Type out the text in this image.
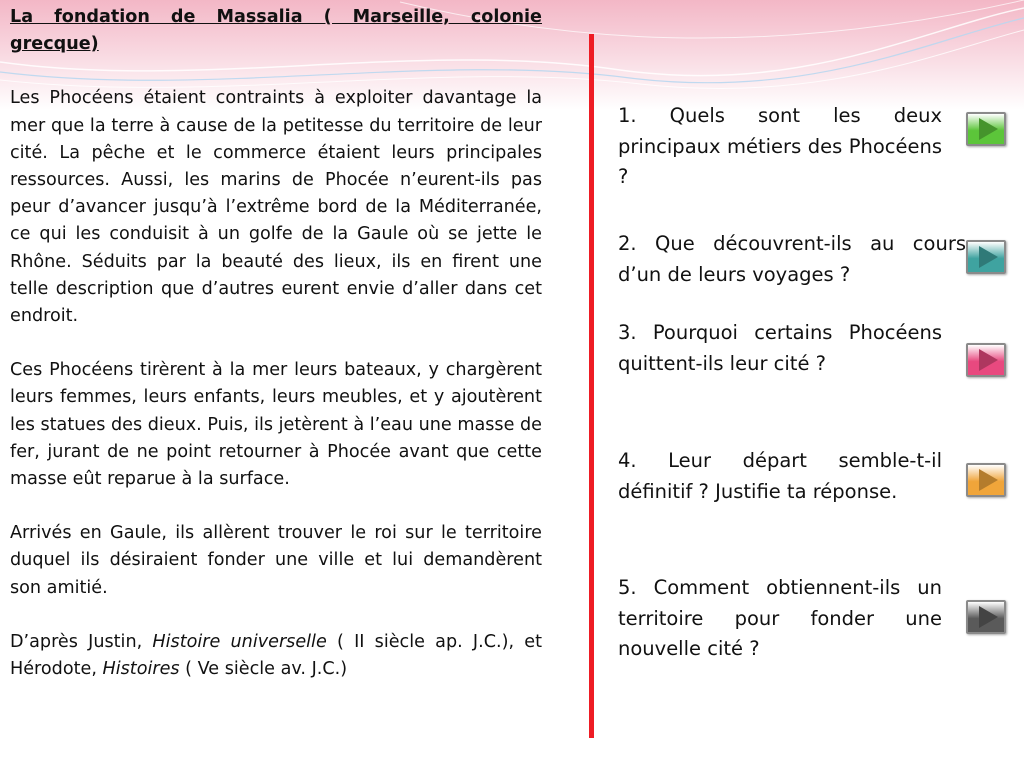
La fondation de Massalia ( Marseille, colonie grecque)

Les Phocéens étaient contraints à exploiter davantage la mer que la terre à cause de la petitesse du territoire de leur cité. La pêche et le commerce étaient leurs principales ressources. Aussi, les marins de Phocée n’eurent-ils pas peur d’avancer jusqu’à l’extrême bord de la Méditerranée, ce qui les conduisit à un golfe de la Gaule où se jette le Rhône. Séduits par la beauté des lieux, ils en firent une telle description que d’autres eurent envie d’aller dans cet endroit.

Ces Phocéens tirèrent à la mer leurs bateaux, y chargèrent leurs femmes, leurs enfants, leurs meubles, et y ajoutèrent les statues des dieux. Puis, ils jetèrent à l’eau une masse de fer, jurant de ne point retourner à Phocée avant que cette masse eût reparue à la surface.

Arrivés en Gaule, ils allèrent trouver le roi sur le territoire duquel ils désiraient fonder une ville et lui demandèrent son amitié.

D’après Justin, Histoire universelle ( II siècle ap. J.C.), et Hérodote, Histoires ( Ve siècle av. J.C.)

1. Quels sont les deux principaux métiers des Phocéens ?
2. Que découvrent-ils au cours d’un de leurs voyages ?
3. Pourquoi certains Phocéens quittent-ils leur cité ?
4. Leur départ semble-t-il définitif ? Justifie ta réponse.
5. Comment obtiennent-ils un territoire pour fonder une nouvelle cité ?
